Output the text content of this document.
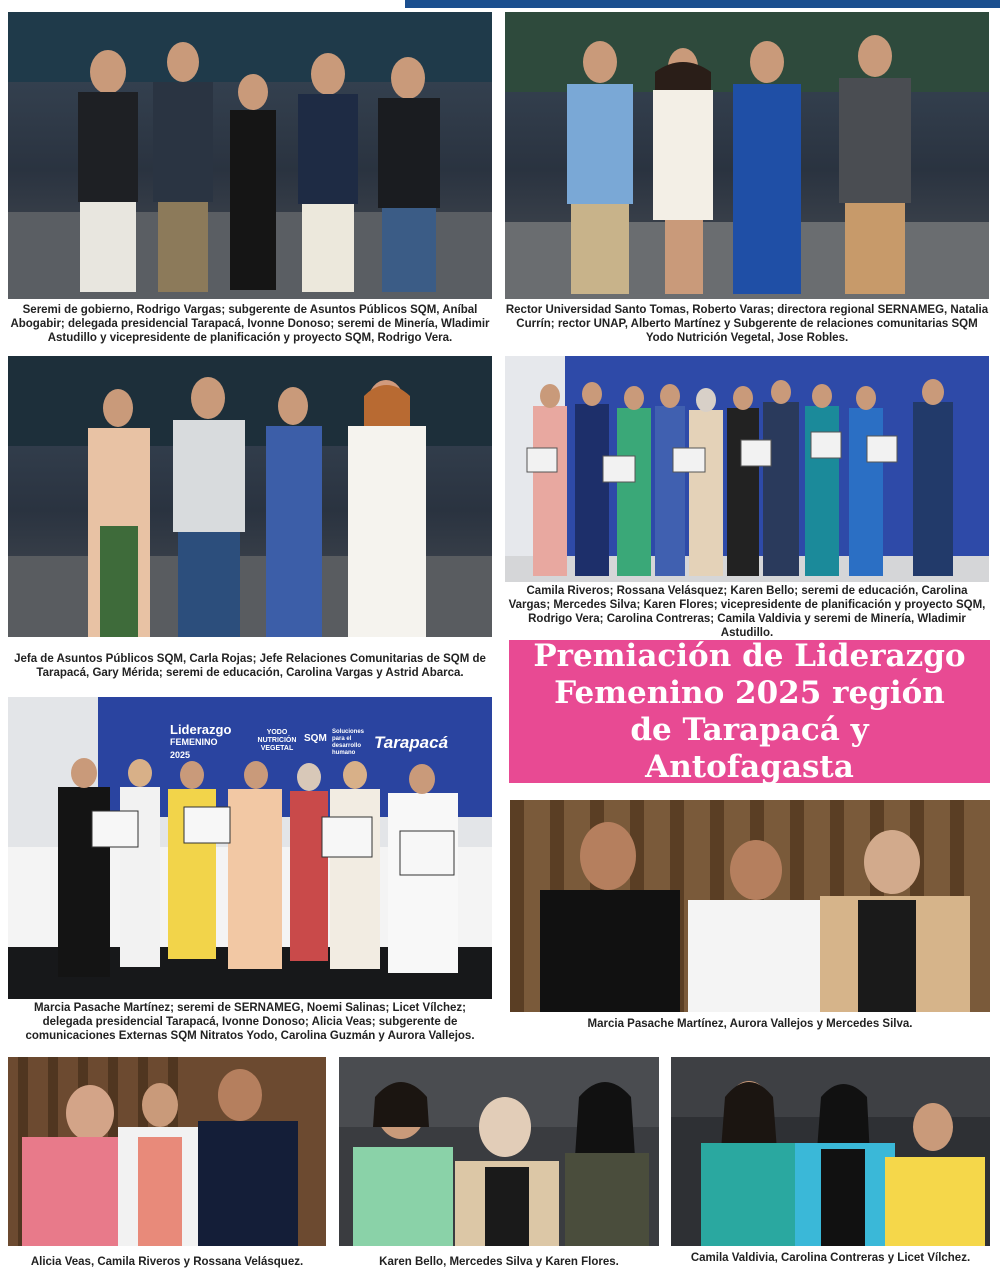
Seremi de gobierno, Rodrigo Vargas; subgerente de Asuntos Públicos SQM, Aníbal Abogabir; delegada presidencial Tarapacá, Ivonne Donoso; seremi de Minería, Wladimir Astudillo y vicepresidente de planificación y proyecto SQM, Rodrigo Vera.
Rector Universidad Santo Tomas, Roberto Varas; directora regional SERNAMEG, Natalia Currín; rector UNAP, Alberto Martínez y Subgerente de relaciones comunitarias SQM Yodo Nutrición Vegetal, Jose Robles.
Jefa de Asuntos Públicos SQM, Carla Rojas; Jefe Relaciones Comunitarias de SQM de Tarapacá, Gary Mérida; seremi de educación, Carolina Vargas y Astrid Abarca.
Camila Riveros; Rossana Velásquez; Karen Bello; seremi de educación, Carolina Vargas; Mercedes Silva; Karen Flores; vicepresidente de planificación y proyecto SQM, Rodrigo Vera; Carolina Contreras; Camila Valdivia y seremi de Minería, Wladimir Astudillo.
Premiación de Liderazgo Femenino 2025 región de Tarapacá y Antofagasta
Liderazgo
FEMENINO
2025
YODO NUTRICIÓN VEGETAL
SQM
Soluciones para el desarrollo humano
Tarapacá
Marcia Pasache Martínez; seremi de SERNAMEG, Noemi Salinas; Licet Vílchez; delegada presidencial Tarapacá, Ivonne Donoso; Alicia Veas; subgerente de comunicaciones Externas SQM Nitratos Yodo, Carolina Guzmán y Aurora Vallejos.
Marcia Pasache Martínez, Aurora Vallejos y Mercedes Silva.
Alicia Veas, Camila Riveros y Rossana Velásquez.	Karen Bello, Mercedes Silva y Karen Flores.	Camila Valdivia, Carolina Contreras y Licet Vílchez.
